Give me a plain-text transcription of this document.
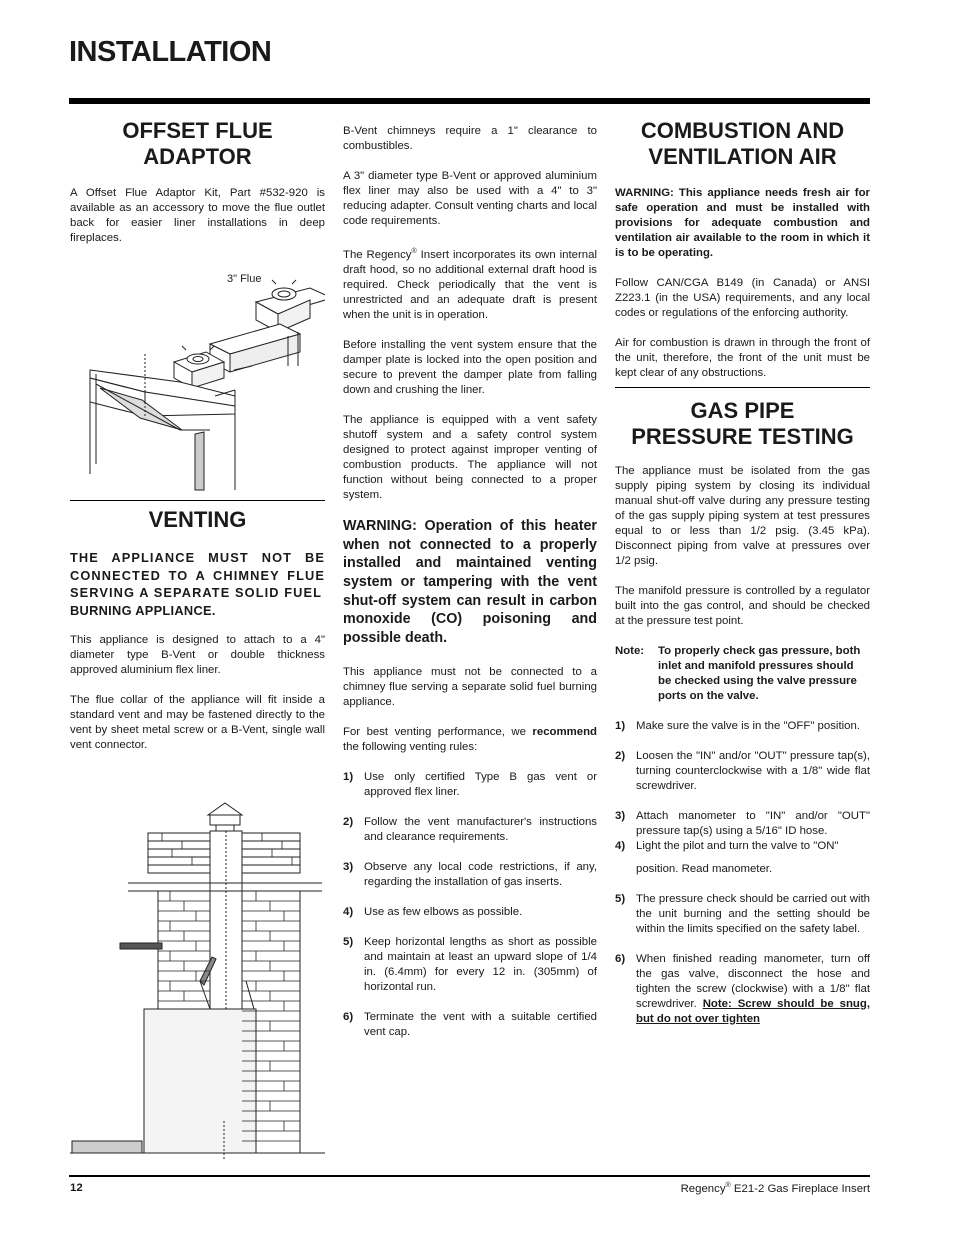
INSTALLATION
OFFSET FLUE
ADAPTOR

A Offset Flue Adaptor Kit, Part #532-920 is available as an accessory to move the flue outlet back for easier liner installations in deep fireplaces.

3" Flue
VENTING

THE APPLIANCE MUST NOT BE CONNECTED TO A CHIMNEY FLUE SERVING A SEPARATE SOLID FUEL
BURNING APPLIANCE.

This appliance is designed to attach to a 4" diameter type B-Vent or double thickness approved aluminium flex liner.

The flue collar of the appliance will fit inside a standard vent and may be fastened directly to the vent by sheet metal screw or a B-Vent, single wall vent connector.

B-Vent chimneys require a 1" clearance to combustibles.

A 3" diameter type B-Vent or approved aluminium flex liner may also be used with a 4" to 3" reducing adapter. Consult venting charts and local code requirements.

The Regency® Insert incorporates its own internal draft hood, so no additional external draft hood is required. Check periodically that the vent is unrestricted and an adequate draft is present when the unit is in operation.

Before installing the vent system ensure that the damper plate is locked into the open position and secure to prevent the damper plate from falling down and crushing the liner.

The appliance is equipped with a vent safety shutoff system and a safety control system designed to protect against improper venting of combustion products. The appliance will not function without being connected to a proper system.

WARNING: Operation of this heater when not connected to a properly installed and maintained venting system or tampering with the vent shut-off system can result in carbon monoxide (CO) poisoning and possible death.

This appliance must not be connected to a chimney flue serving a separate solid fuel burning appliance.

For best venting performance, we recommend the following venting rules:

1) Use only certified Type B gas vent or approved flex liner.
2) Follow the vent manufacturer's instructions and clearance requirements.
3) Observe any local code restrictions, if any, regarding the installation of gas inserts.
4) Use as few elbows as possible.
5) Keep horizontal lengths as short as possible and maintain at least an upward slope of 1/4 in. (6.4mm) for every 12 in. (305mm) of horizontal run.
6) Terminate the vent with a suitable certified vent cap.
COMBUSTION AND
VENTILATION AIR

WARNING: This appliance needs fresh air for safe operation and must be installed with provisions for adequate combustion and ventilation air available to the room in which it is to be operating.

Follow CAN/CGA B149 (in Canada) or ANSI Z223.1 (in the USA) requirements, and any local codes or regulations of the enforcing authority.

Air for combustion is drawn in through the front of the unit, therefore, the front of the unit must be kept clear of any obstructions.

GAS PIPE
PRESSURE TESTING

The appliance must be isolated from the gas supply piping system by closing its individual manual shut-off valve during any pressure testing of the gas supply piping system at test pressures equal to or less than 1/2 psig. (3.45 kPa). Disconnect piping from valve at pressures over 1/2 psig.

The manifold pressure is controlled by a regulator built into the gas control, and should be checked at the pressure test point.

Note:	To properly check gas pressure, both inlet and manifold pressures should be checked using the valve pressure ports on the valve.
1) Make sure the valve is in the "OFF" position.
2) Loosen the "IN" and/or "OUT" pressure tap(s), turning counterclockwise with a 1/8" wide flat screwdriver.
3) Attach manometer to "IN" and/or "OUT" pressure tap(s) using a 5/16" ID hose.
4) Light the pilot and turn the valve to "ON"
position. Read manometer.
5) The pressure check should be carried out with the unit burning and the setting should be within the limits specified on the safety label.
6) When finished reading manometer, turn off the gas valve, disconnect the hose and tighten the screw (clockwise) with a 1/8" flat screwdriver. Note: Screw should be snug, but do not over tighten
12	Regency® E21-2 Gas Fireplace Insert
